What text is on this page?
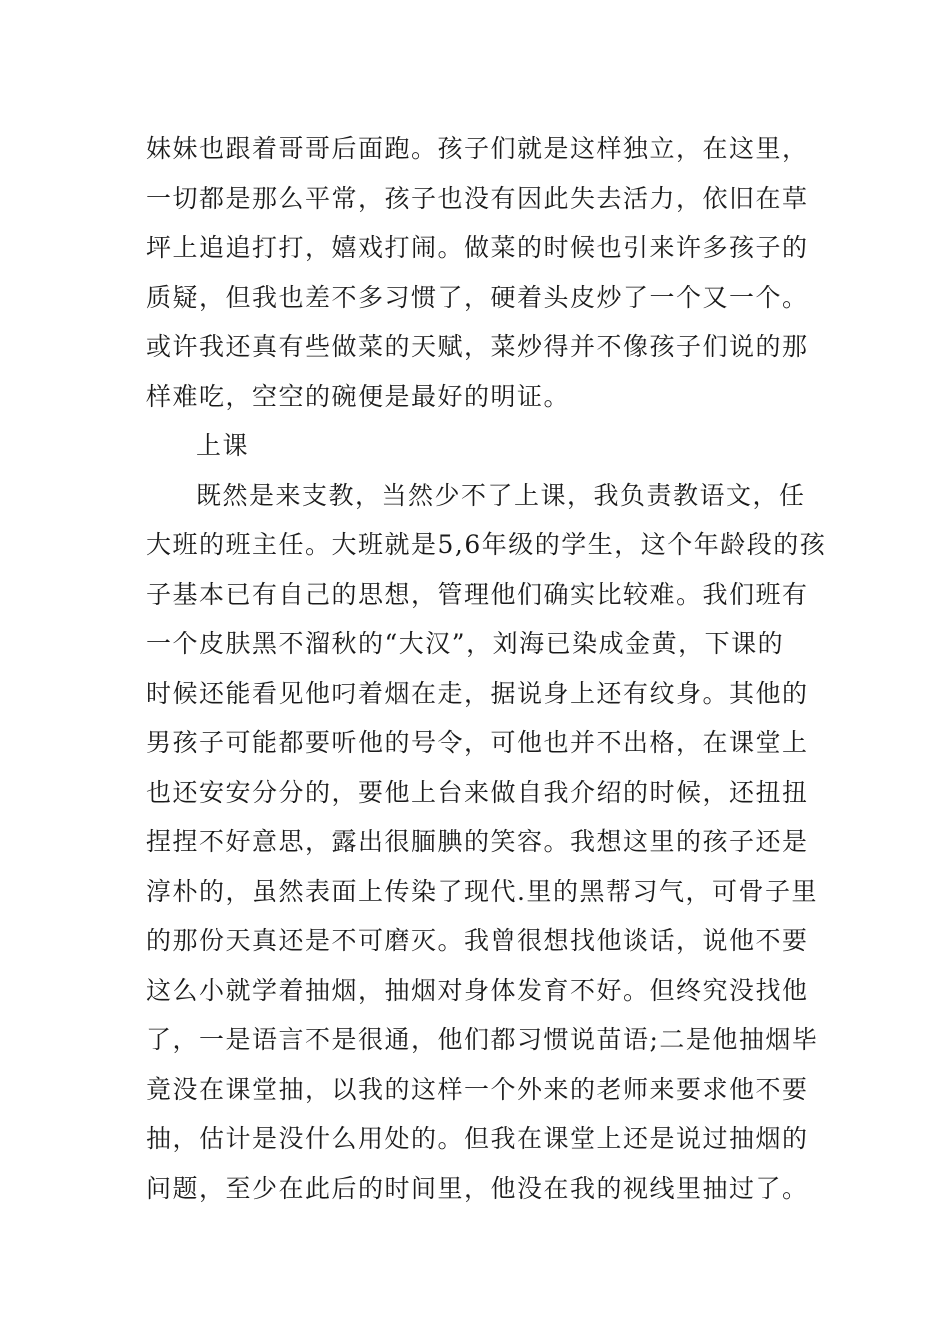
妹妹也跟着哥哥后面跑。孩子们就是这样独立，在这里，
一切都是那么平常，孩子也没有因此失去活力，依旧在草
坪上追追打打，嬉戏打闹。做菜的时候也引来许多孩子的
质疑，但我也差不多习惯了，硬着头皮炒了一个又一个。
或许我还真有些做菜的天赋，菜炒得并不像孩子们说的那
样难吃，空空的碗便是最好的明证。
上课
既然是来支教，当然少不了上课，我负责教语文，任
大班的班主任。大班就是5,6年级的学生，这个年龄段的孩
子基本已有自己的思想，管理他们确实比较难。我们班有
一个皮肤黑不溜秋的“大汉”，刘海已染成金黄，下课的
时候还能看见他叼着烟在走，据说身上还有纹身。其他的
男孩子可能都要听他的号令，可他也并不出格，在课堂上
也还安安分分的，要他上台来做自我介绍的时候，还扭扭
捏捏不好意思，露出很腼腆的笑容。我想这里的孩子还是
淳朴的，虽然表面上传染了现代.里的黑帮习气，可骨子里
的那份天真还是不可磨灭。我曾很想找他谈话，说他不要
这么小就学着抽烟，抽烟对身体发育不好。但终究没找他
了，一是语言不是很通，他们都习惯说苗语;二是他抽烟毕
竟没在课堂抽，以我的这样一个外来的老师来要求他不要
抽，估计是没什么用处的。但我在课堂上还是说过抽烟的
问题，至少在此后的时间里，他没在我的视线里抽过了。
